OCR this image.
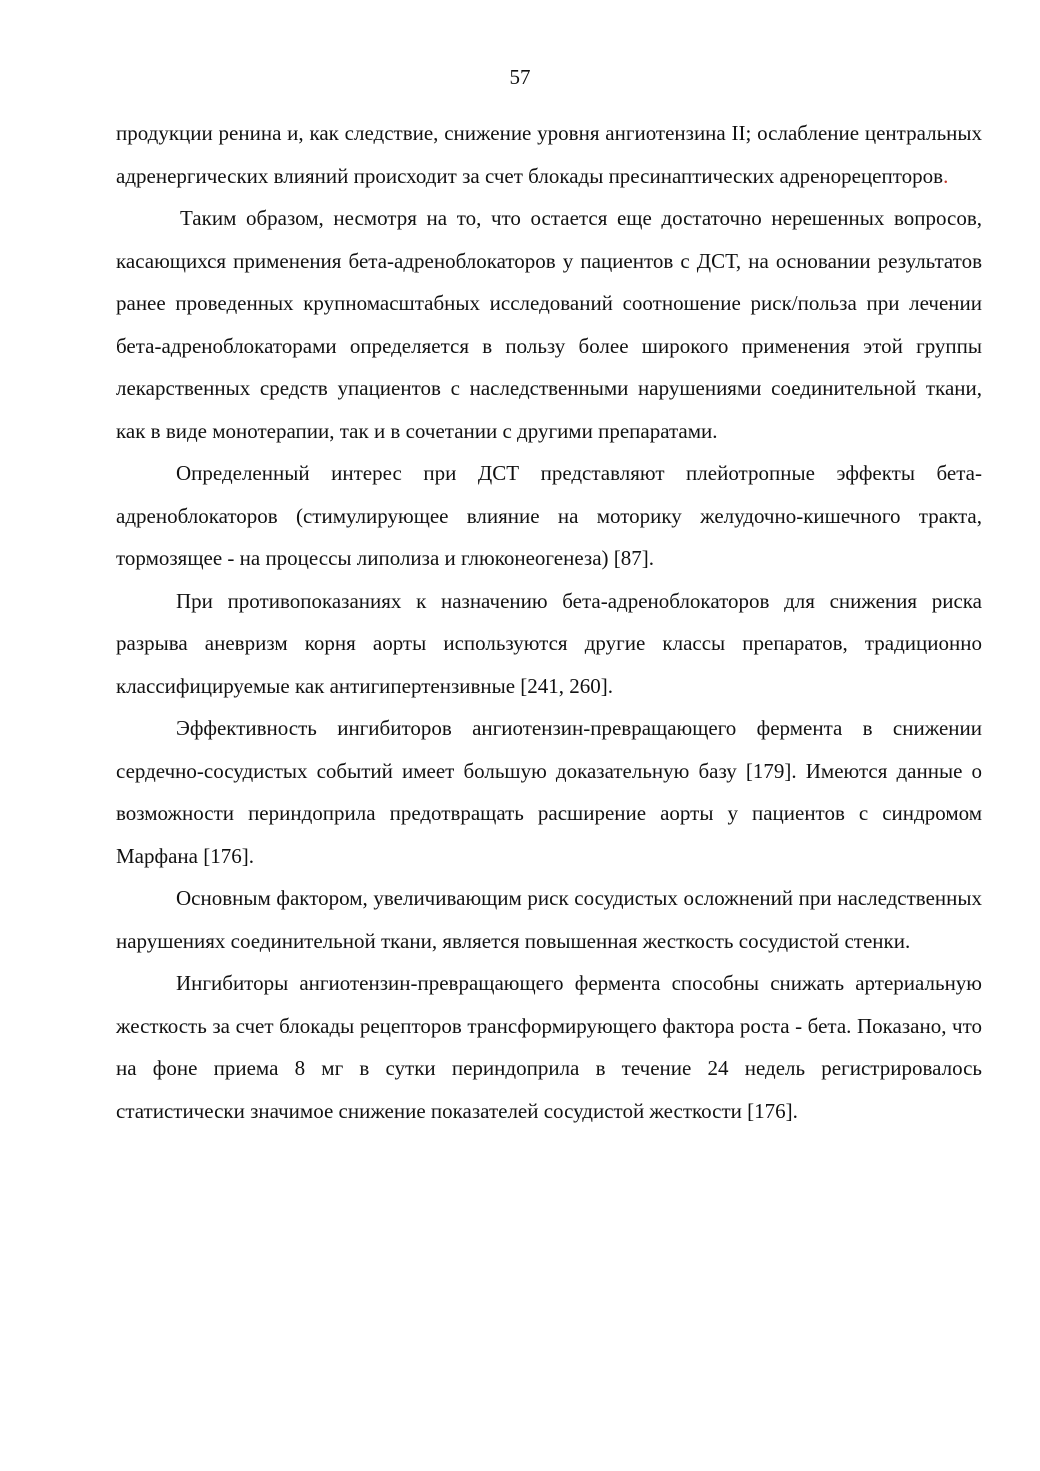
57

продукции ренина и, как следствие, снижение уровня ангиотензина II; ослабление центральных адренергических влияний происходит за счет блокады пресинаптических адренорецепторов.

Таким образом, несмотря на то, что остается еще достаточно нерешенных вопросов, касающихся применения бета-адреноблокаторов у пациентов с ДСТ, на основании результатов ранее проведенных крупномасштабных исследований соотношение риск/польза при лечении бета-адреноблокаторами определяется в пользу более широкого применения этой группы лекарственных средств упациентов с наследственными нарушениями соединительной ткани, как в виде монотерапии, так и в сочетании с другими препаратами.

Определенный интерес при ДСТ представляют плейотропные эффекты бета-адреноблокаторов (стимулирующее влияние на моторику желудочно-кишечного тракта, тормозящее - на процессы липолиза и глюконеогенеза) [87].

При противопоказаниях к назначению бета-адреноблокаторов для снижения риска разрыва аневризм корня аорты используются другие классы препаратов, традиционно классифицируемые как антигипертензивные [241, 260].

Эффективность ингибиторов ангиотензин-превращающего фермента в снижении сердечно-сосудистых событий имеет большую доказательную базу [179]. Имеются данные о возможности периндоприла предотвращать расширение аорты у пациентов с синдромом Марфана [176].

Основным фактором, увеличивающим риск сосудистых осложнений при наследственных нарушениях соединительной ткани, является повышенная жесткость сосудистой стенки.

Ингибиторы ангиотензин-превращающего фермента способны снижать артериальную жесткость за счет блокады рецепторов трансформирующего фактора роста - бета. Показано, что на фоне приема 8 мг в сутки периндоприла в течение 24 недель регистрировалось статистически значимое снижение показателей сосудистой жесткости [176].
